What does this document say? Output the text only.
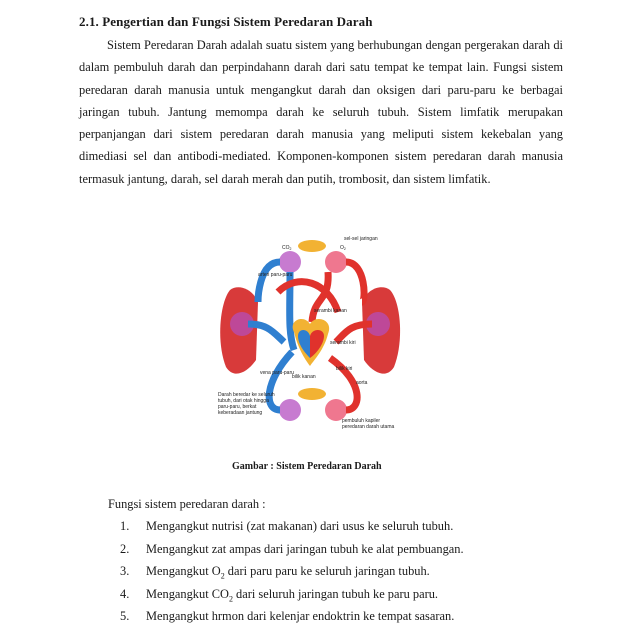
2.1. Pengertian dan Fungsi Sistem Peredaran Darah
Sistem Peredaran Darah adalah suatu sistem yang berhubungan dengan pergerakan darah di dalam pembuluh darah dan perpindahann darah dari satu tempat ke tempat lain. Fungsi sistem peredaran darah manusia untuk mengangkut darah dan oksigen dari paru-paru ke berbagai jaringan tubuh. Jantung memompa darah ke seluruh tubuh. Sistem limfatik merupakan perpanjangan dari sistem peredaran darah manusia yang meliputi sistem kekebalan yang dimediasi sel dan antibodi-mediated. Komponen-komponen sistem peredaran darah manusia termasuk jantung, darah, sel darah merah dan putih, trombosit, dan sistem limfatik.
$CO_2$	$O_2$
sel-sel jaringan
arteri paru-paru
serambi kanan
serambi kiri
vena paru-paru
bilik kanan
bilik kiri
aorta
Darah beredar ke seluruh tubuh, dari otak hingga paru-paru, berkat keberadaan jantung
pembuluh kapiler peredaran darah utama
Gambar : Sistem Peredaran Darah
Fungsi sistem peredaran darah :
1. Mengangkut nutrisi (zat makanan) dari usus ke seluruh tubuh.
2. Mengangkut zat ampas dari jaringan tubuh ke alat pembuangan.
3. Mengangkut $O_2$ dari paru paru ke seluruh jaringan tubuh.
4. Mengangkut $CO_2$ dari seluruh jaringan tubuh ke paru paru.
5. Mengangkut hrmon dari kelenjar endoktrin ke tempat sasaran.
